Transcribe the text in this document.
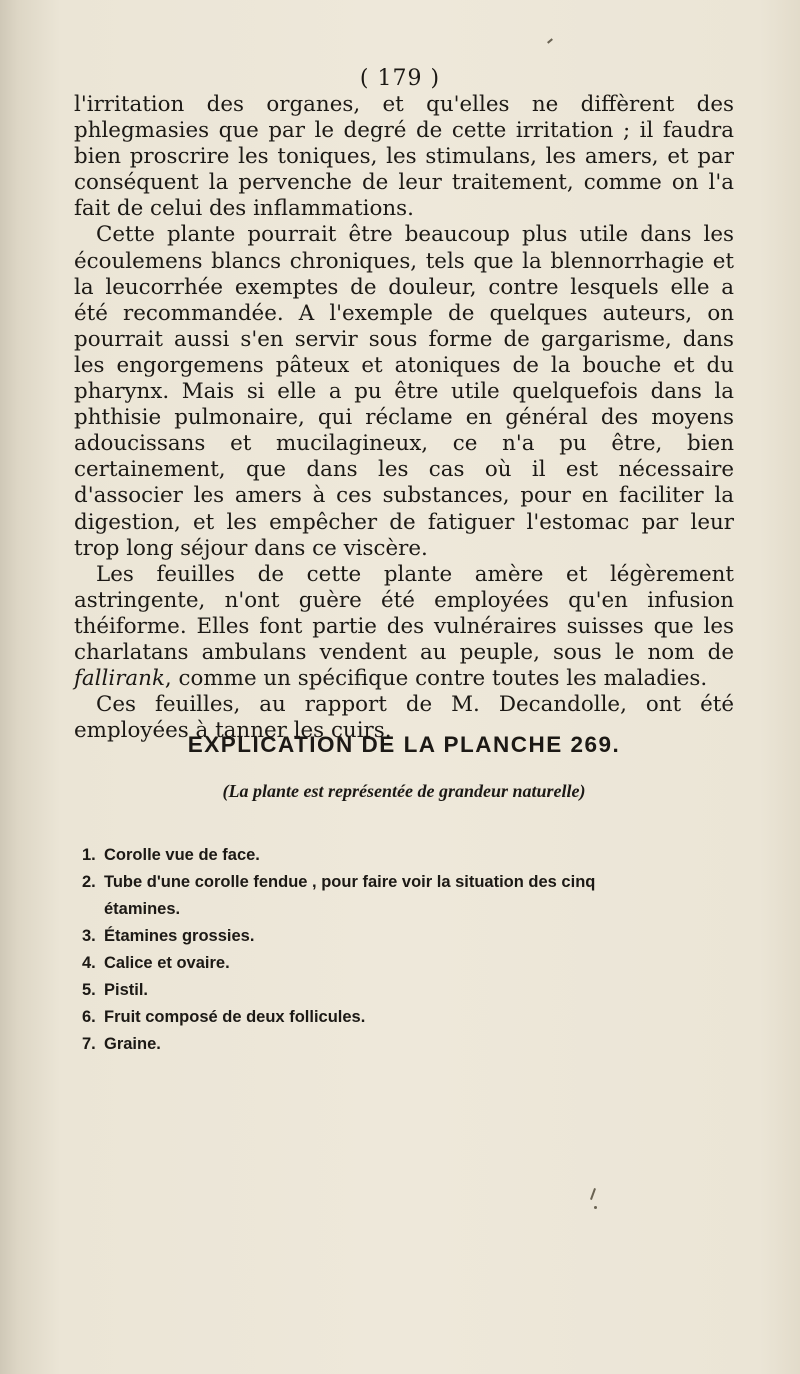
( 179 )

l'irritation des organes, et qu'elles ne diffèrent des phlegmasies que par le degré de cette irritation ; il faudra bien proscrire les toniques, les stimulans, les amers, et par conséquent la pervenche de leur traitement, comme on l'a fait de celui des inflammations.

Cette plante pourrait être beaucoup plus utile dans les écoulemens blancs chroniques, tels que la blennorrhagie et la leucorrhée exemptes de douleur, contre lesquels elle a été recommandée. A l'exemple de quelques auteurs, on pourrait aussi s'en servir sous forme de gargarisme, dans les engorgemens pâteux et atoniques de la bouche et du pharynx. Mais si elle a pu être utile quelquefois dans la phthisie pulmonaire, qui réclame en général des moyens adoucissans et mucilagineux, ce n'a pu être, bien certainement, que dans les cas où il est nécessaire d'associer les amers à ces substances, pour en faciliter la digestion, et les empêcher de fatiguer l'estomac par leur trop long séjour dans ce viscère.

Les feuilles de cette plante amère et légèrement astringente, n'ont guère été employées qu'en infusion théiforme. Elles font partie des vulnéraires suisses que les charlatans ambulans vendent au peuple, sous le nom de fallirank, comme un spécifique contre toutes les maladies.

Ces feuilles, au rapport de M. Decandolle, ont été employées à tanner les cuirs.

EXPLICATION DE LA PLANCHE 269.
(La plante est représentée de grandeur naturelle)
1. Corolle vue de face.
2. Tube d'une corolle fendue , pour faire voir la situation des cinq
étamines.
3. Étamines grossies.
4. Calice et ovaire.
5. Pistil.
6. Fruit composé de deux follicules.
7. Graine.
